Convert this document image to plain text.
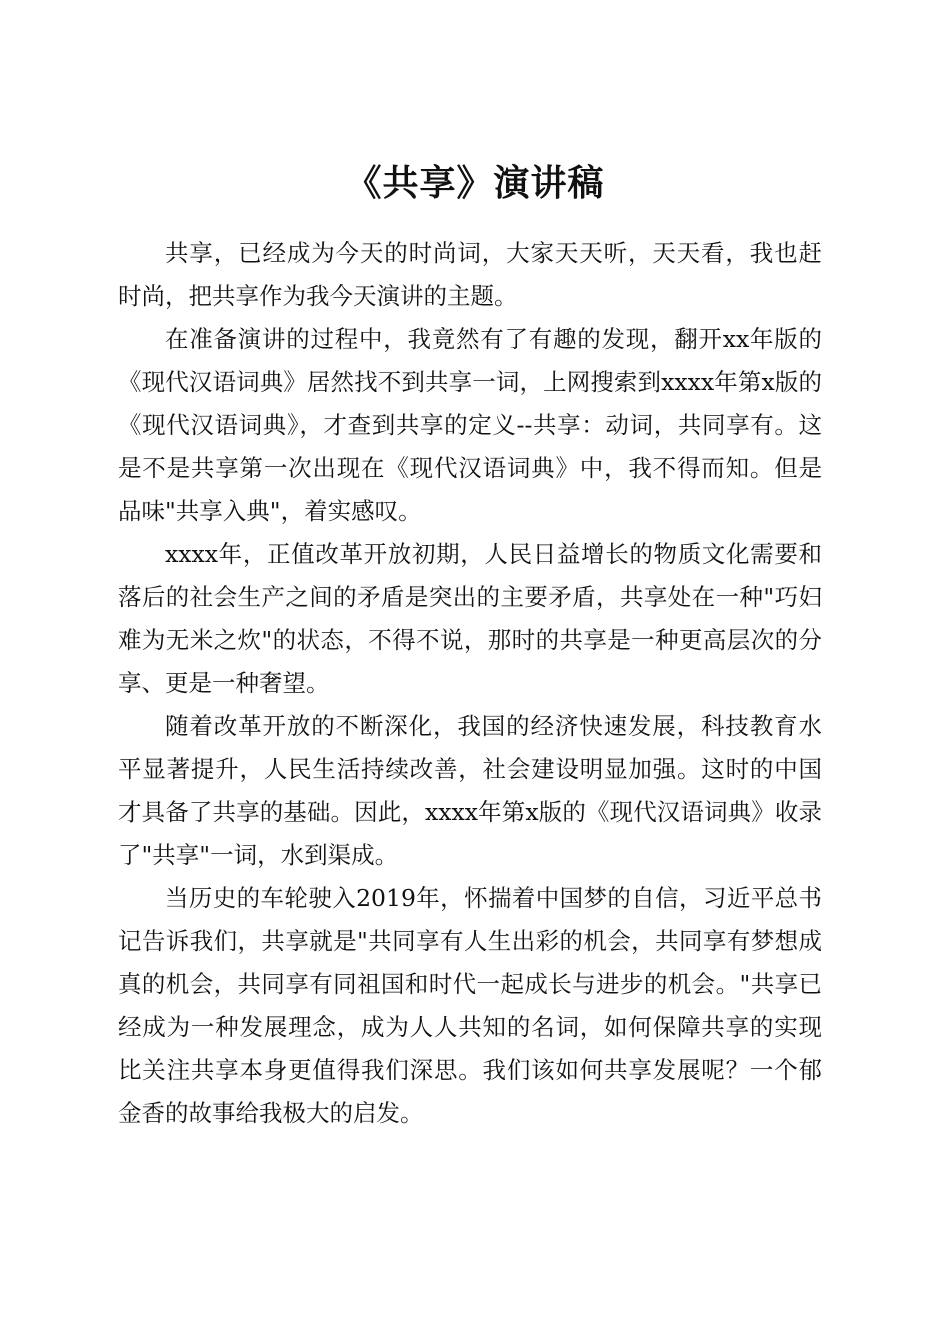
《共享》演讲稿

共享，已经成为今天的时尚词，大家天天听，天天看，我也赶时尚，把共享作为我今天演讲的主题。

在准备演讲的过程中，我竟然有了有趣的发现，翻开xx年版的《现代汉语词典》居然找不到共享一词，上网搜索到xxxx年第x版的《现代汉语词典》，才查到共享的定义--共享：动词，共同享有。这是不是共享第一次出现在《现代汉语词典》中，我不得而知。但是品味"共享入典"，着实感叹。

xxxx年，正值改革开放初期，人民日益增长的物质文化需要和落后的社会生产之间的矛盾是突出的主要矛盾，共享处在一种"巧妇难为无米之炊"的状态，不得不说，那时的共享是一种更高层次的分享、更是一种奢望。

随着改革开放的不断深化，我国的经济快速发展，科技教育水平显著提升，人民生活持续改善，社会建设明显加强。这时的中国才具备了共享的基础。因此，xxxx年第x版的《现代汉语词典》收录了"共享"一词，水到渠成。

当历史的车轮驶入2019年，怀揣着中国梦的自信，习近平总书记告诉我们，共享就是"共同享有人生出彩的机会，共同享有梦想成真的机会，共同享有同祖国和时代一起成长与进步的机会。"共享已经成为一种发展理念，成为人人共知的名词，如何保障共享的实现比关注共享本身更值得我们深思。我们该如何共享发展呢？一个郁金香的故事给我极大的启发。
